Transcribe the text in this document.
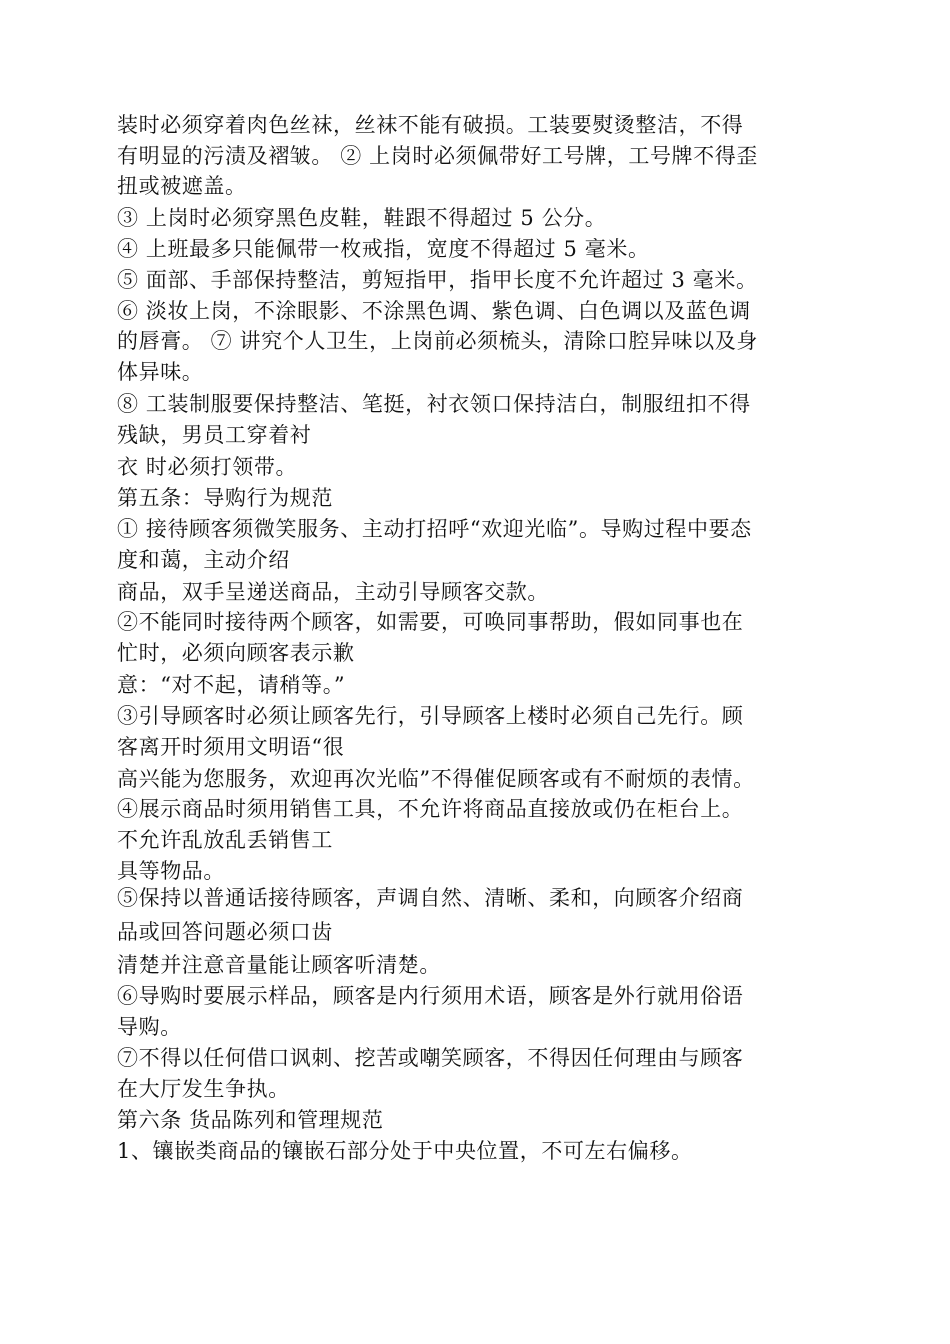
装时必须穿着肉色丝袜，丝袜不能有破损。工装要熨烫整洁，不得
有明显的污渍及褶皱。 ② 上岗时必须佩带好工号牌，工号牌不得歪
扭或被遮盖。
③ 上岗时必须穿黑色皮鞋，鞋跟不得超过 5 公分。
④ 上班最多只能佩带一枚戒指，宽度不得超过 5 毫米。
⑤ 面部、手部保持整洁，剪短指甲，指甲长度不允许超过 3 毫米。
⑥ 淡妆上岗，不涂眼影、不涂黑色调、紫色调、白色调以及蓝色调
的唇膏。 ⑦ 讲究个人卫生，上岗前必须梳头，清除口腔异味以及身
体异味。
⑧ 工装制服要保持整洁、笔挺，衬衣领口保持洁白，制服纽扣不得
残缺，男员工穿着衬
衣 时必须打领带。
第五条：导购行为规范
① 接待顾客须微笑服务、主动打招呼“欢迎光临”。导购过程中要态
度和蔼，主动介绍
商品，双手呈递送商品，主动引导顾客交款。
②不能同时接待两个顾客，如需要，可唤同事帮助，假如同事也在
忙时，必须向顾客表示歉
意：“对不起，请稍等。”
③引导顾客时必须让顾客先行，引导顾客上楼时必须自己先行。顾
客离开时须用文明语“很
高兴能为您服务，欢迎再次光临”不得催促顾客或有不耐烦的表情。
④展示商品时须用销售工具，不允许将商品直接放或仍在柜台上。
不允许乱放乱丢销售工
具等物品。
⑤保持以普通话接待顾客，声调自然、清晰、柔和，向顾客介绍商
品或回答问题必须口齿
清楚并注意音量能让顾客听清楚。
⑥导购时要展示样品，顾客是内行须用术语，顾客是外行就用俗语
导购。
⑦不得以任何借口讽刺、挖苦或嘲笑顾客，不得因任何理由与顾客
在大厅发生争执。
第六条 货品陈列和管理规范
1、镶嵌类商品的镶嵌石部分处于中央位置，不可左右偏移。
